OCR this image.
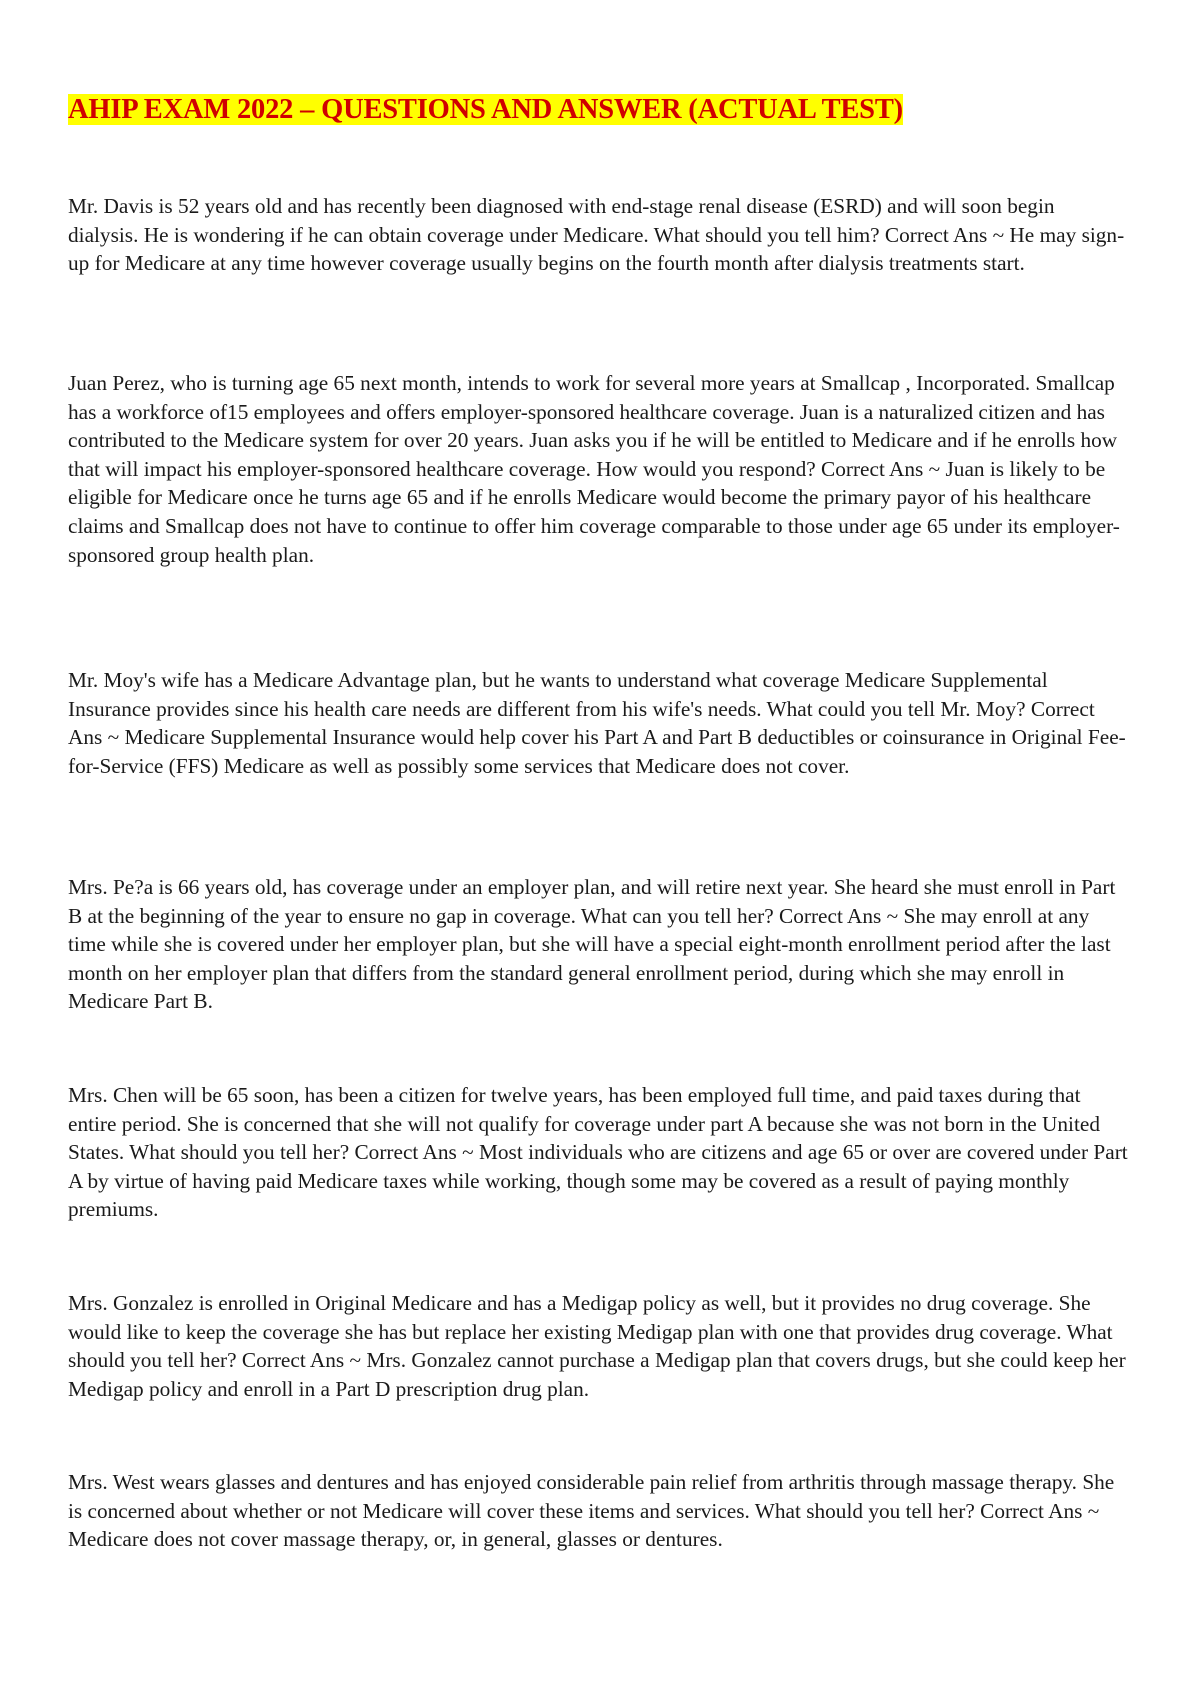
AHIP EXAM 2022 – QUESTIONS AND ANSWER (ACTUAL TEST)

Mr. Davis is 52 years old and has recently been diagnosed with end-stage renal disease (ESRD) and will soon begin dialysis. He is wondering if he can obtain coverage under Medicare. What should you tell him? Correct Ans ~ He may sign-up for Medicare at any time however coverage usually begins on the fourth month after dialysis treatments start.

Juan Perez, who is turning age 65 next month, intends to work for several more years at Smallcap , Incorporated. Smallcap has a workforce of15 employees and offers employer-sponsored healthcare coverage. Juan is a naturalized citizen and has contributed to the Medicare system for over 20 years. Juan asks you if he will be entitled to Medicare and if he enrolls how that will impact his employer-sponsored healthcare coverage. How would you respond? Correct Ans ~ Juan is likely to be eligible for Medicare once he turns age 65 and if he enrolls Medicare would become the primary payor of his healthcare claims and Smallcap does not have to continue to offer him coverage comparable to those under age 65 under its employer-sponsored group health plan.

Mr. Moy's wife has a Medicare Advantage plan, but he wants to understand what coverage Medicare Supplemental Insurance provides since his health care needs are different from his wife's needs. What could you tell Mr. Moy? Correct Ans ~ Medicare Supplemental Insurance would help cover his Part A and Part B deductibles or coinsurance in Original Fee-for-Service (FFS) Medicare as well as possibly some services that Medicare does not cover.

Mrs. Pe?a is 66 years old, has coverage under an employer plan, and will retire next year. She heard she must enroll in Part B at the beginning of the year to ensure no gap in coverage. What can you tell her? Correct Ans ~ She may enroll at any time while she is covered under her employer plan, but she will have a special eight-month enrollment period after the last month on her employer plan that differs from the standard general enrollment period, during which she may enroll in Medicare Part B.

Mrs. Chen will be 65 soon, has been a citizen for twelve years, has been employed full time, and paid taxes during that entire period. She is concerned that she will not qualify for coverage under part A because she was not born in the United States. What should you tell her? Correct Ans ~ Most individuals who are citizens and age 65 or over are covered under Part A by virtue of having paid Medicare taxes while working, though some may be covered as a result of paying monthly premiums.

Mrs. Gonzalez is enrolled in Original Medicare and has a Medigap policy as well, but it provides no drug coverage. She would like to keep the coverage she has but replace her existing Medigap plan with one that provides drug coverage. What should you tell her? Correct Ans ~ Mrs. Gonzalez cannot purchase a Medigap plan that covers drugs, but she could keep her Medigap policy and enroll in a Part D prescription drug plan.

Mrs. West wears glasses and dentures and has enjoyed considerable pain relief from arthritis through massage therapy. She is concerned about whether or not Medicare will cover these items and services. What should you tell her? Correct Ans ~ Medicare does not cover massage therapy, or, in general, glasses or dentures.
